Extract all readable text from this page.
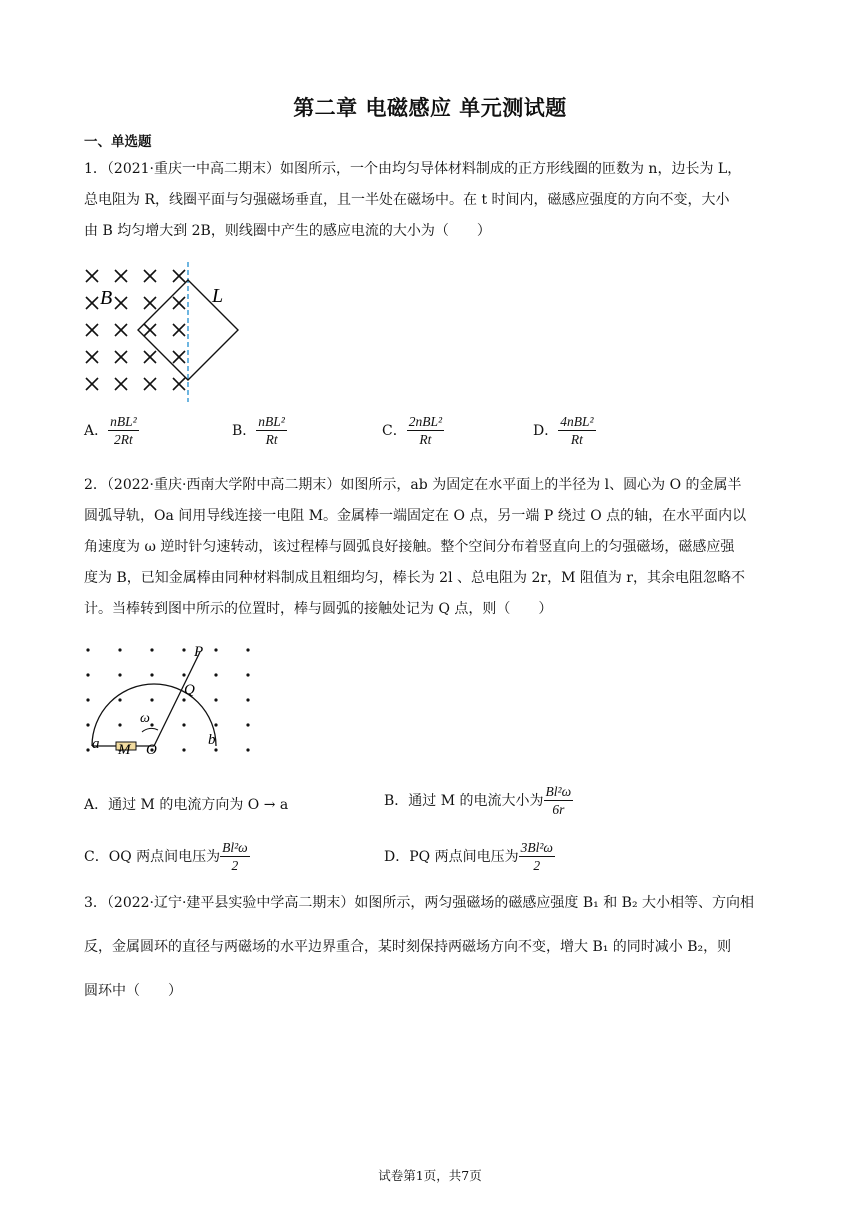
第二章 电磁感应 单元测试题
一、单选题
1．（2021·重庆一中高二期末）如图所示，一个由均匀导体材料制成的正方形线圈的匝数为 n，边长为 L，
总电阻为 R，线圈平面与匀强磁场垂直，且一半处在磁场中。在 t 时间内，磁感应强度的方向不变，大小
由 B 均匀增大到 2B，则线圈中产生的感应电流的大小为（　　）
B	L
A． $\frac{\text{nBL²}}{2Rt}$	B． $\frac{\text{nBL²}}{Rt}$	C． $\frac{\text{2nBL²}}{Rt}$	D． $\frac{\text{4nBL²}}{Rt}$
2．（2022·重庆·西南大学附中高二期末）如图所示，ab 为固定在水平面上的半径为 l、圆心为 O 的金属半
圆弧导轨，Oa 间用导线连接一电阻 M。金属棒一端固定在 O 点，另一端 P 绕过 O 点的轴，在水平面内以
角速度为 ω 逆时针匀速转动，该过程棒与圆弧良好接触。整个空间分布着竖直向上的匀强磁场，磁感应强
度为 B，已知金属棒由同种材料制成且粗细均匀，棒长为 2l 、总电阻为 2r，M 阻值为 r，其余电阻忽略不
计。当棒转到图中所示的位置时，棒与圆弧的接触处记为 Q 点，则（　　）
P
Q
ω
a M O
b
A．通过 M 的电流方向为 O → a	B．通过 M 的电流大小为 $\frac{\text{Bl²ω}}{6r}$
C．OQ 两点间电压为 $\frac{\text{Bl²ω}}{2}$	D．PQ 两点间电压为 $\frac{\text{3Bl²ω}}{2}$
3．（2022·辽宁·建平县实验中学高二期末）如图所示，两匀强磁场的磁感应强度 B₁ 和 B₂ 大小相等、方向相
反，金属圆环的直径与两磁场的水平边界重合，某时刻保持两磁场方向不变，增大 B₁ 的同时减小 B₂，则
圆环中（　　）
试卷第1页，共7页
